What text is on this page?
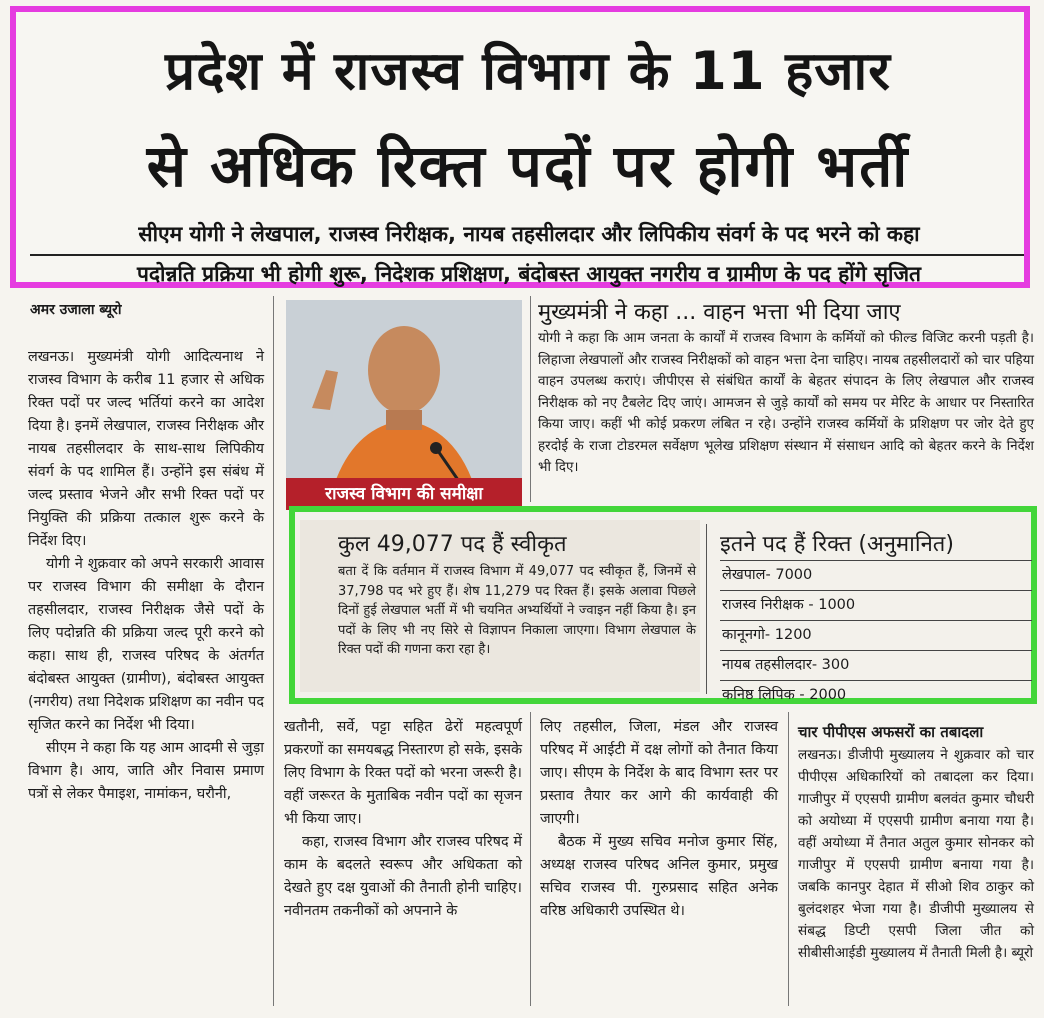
प्रदेश में राजस्व विभाग के 11 हजार
से अधिक रिक्त पदों पर होगी भर्ती
सीएम योगी ने लेखपाल, राजस्व निरीक्षक, नायब तहसीलदार और लिपिकीय संवर्ग के पद भरने को कहा
पदोन्नति प्रक्रिया भी होगी शुरू, निदेशक प्रशिक्षण, बंदोबस्त आयुक्त नगरीय व ग्रामीण के पद होंगे सृजित
अमर उजाला ब्यूरो

लखनऊ। मुख्यमंत्री योगी आदित्यनाथ ने राजस्व विभाग के करीब 11 हजार से अधिक रिक्त पदों पर जल्द भर्तियां करने का आदेश दिया है। इनमें लेखपाल, राजस्व निरीक्षक और नायब तहसीलदार के साथ-साथ लिपिकीय संवर्ग के पद शामिल हैं। उन्होंने इस संबंध में जल्द प्रस्ताव भेजने और सभी रिक्त पदों पर नियुक्ति की प्रक्रिया तत्काल शुरू करने के निर्देश दिए।

योगी ने शुक्रवार को अपने सरकारी आवास पर राजस्व विभाग की समीक्षा के दौरान तहसीलदार, राजस्व निरीक्षक जैसे पदों के लिए पदोन्नति की प्रक्रिया जल्द पूरी करने को कहा। साथ ही, राजस्व परिषद के अंतर्गत बंदोबस्त आयुक्त (ग्रामीण), बंदोबस्त आयुक्त (नगरीय) तथा निदेशक प्रशिक्षण का नवीन पद सृजित करने का निर्देश भी दिया।

सीएम ने कहा कि यह आम आदमी से जुड़ा विभाग है। आय, जाति और निवास प्रमाण पत्रों से लेकर पैमाइश, नामांकन, घरौनी,

राजस्व विभाग की समीक्षा
मुख्यमंत्री ने कहा ... वाहन भत्ता भी दिया जाए
योगी ने कहा कि आम जनता के कार्यों में राजस्व विभाग के कर्मियों को फील्ड विजिट करनी पड़ती है। लिहाजा लेखपालों और राजस्व निरीक्षकों को वाहन भत्ता देना चाहिए। नायब तहसीलदारों को चार पहिया वाहन उपलब्ध कराएं। जीपीएस से संबंधित कार्यों के बेहतर संपादन के लिए लेखपाल और राजस्व निरीक्षक को नए टैबलेट दिए जाएं। आमजन से जुड़े कार्यों को समय पर मेरिट के आधार पर निस्तारित किया जाए। कहीं भी कोई प्रकरण लंबित न रहे। उन्होंने राजस्व कर्मियों के प्रशिक्षण पर जोर देते हुए हरदोई के राजा टोडरमल सर्वेक्षण भूलेख प्रशिक्षण संस्थान में संसाधन आदि को बेहतर करने के निर्देश भी दिए।
कुल 49,077 पद हैं स्वीकृत
बता दें कि वर्तमान में राजस्व विभाग में 49,077 पद स्वीकृत हैं, जिनमें से 37,798 पद भरे हुए हैं। शेष 11,279 पद रिक्त हैं। इसके अलावा पिछले दिनों हुई लेखपाल भर्ती में भी चयनित अभ्यर्थियों ने ज्वाइन नहीं किया है। इन पदों के लिए भी नए सिरे से विज्ञापन निकाला जाएगा। विभाग लेखपाल के रिक्त पदों की गणना करा रहा है।
इतने पद हैं रिक्त (अनुमानित)
लेखपाल- 7000
राजस्व निरीक्षक - 1000
कानूनगो- 1200
नायब तहसीलदार- 300
कनिष्ठ लिपिक - 2000

खतौनी, सर्वे, पट्टा सहित ढेरों महत्वपूर्ण प्रकरणों का समयबद्ध निस्तारण हो सके, इसके लिए विभाग के रिक्त पदों को भरना जरूरी है। वहीं जरूरत के मुताबिक नवीन पदों का सृजन भी किया जाए।

कहा, राजस्व विभाग और राजस्व परिषद में काम के बदलते स्वरूप और अधिकता को देखते हुए दक्ष युवाओं की तैनाती होनी चाहिए। नवीनतम तकनीकों को अपनाने के

लिए तहसील, जिला, मंडल और राजस्व परिषद में आईटी में दक्ष लोगों को तैनात किया जाए। सीएम के निर्देश के बाद विभाग स्तर पर प्रस्ताव तैयार कर आगे की कार्यवाही की जाएगी।

बैठक में मुख्य सचिव मनोज कुमार सिंह, अध्यक्ष राजस्व परिषद अनिल कुमार, प्रमुख सचिव राजस्व पी. गुरुप्रसाद सहित अनेक वरिष्ठ अधिकारी उपस्थित थे।

चार पीपीएस अफसरों का तबादला
लखनऊ। डीजीपी मुख्यालय ने शुक्रवार को चार पीपीएस अधिकारियों को तबादला कर दिया। गाजीपुर में एएसपी ग्रामीण बलवंत कुमार चौधरी को अयोध्या में एएसपी ग्रामीण बनाया गया है। वहीं अयोध्या में तैनात अतुल कुमार सोनकर को गाजीपुर में एएसपी ग्रामीण बनाया गया है। जबकि कानपुर देहात में सीओ शिव ठाकुर को बुलंदशहर भेजा गया है। डीजीपी मुख्यालय से संबद्ध डिप्टी एसपी जिला जीत को सीबीसीआईडी मुख्यालय में तैनाती मिली है। ब्यूरो
